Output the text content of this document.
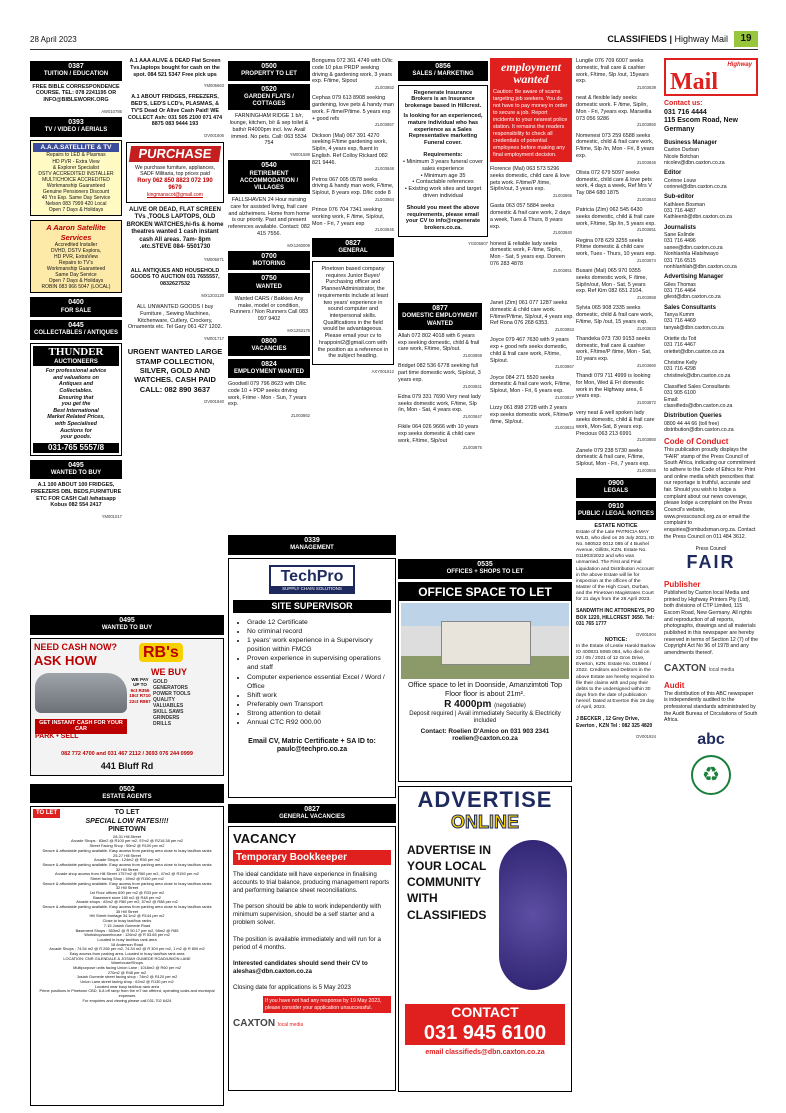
28 April 2023	CLASSIFIEDS | Highway Mail	19
0387
TUITION / EDUCATION
FREE BIBLE CORRESPONDENCE COURSE. TEL: 078 2241195 OR INFO@BIBLEWORK.ORG
AW010785
0393
TV / VIDEO / AERIALS
A.A.A.SATELLITE & TV
Repairs to LED & Plasmas
HD PVR - Extra View
& Explorer Specialist
DSTV ACCREDITED INSTALLER
MULTICHOICE ACCREDITED
Workmanship Guaranteed
Genuine Pensioners Discount
40 Yrs Exp. Same Day Service
Nelson 083 7999 420 Local
Open 7 Days & Holidays
A Aaron Satellite Services
Accredited Installer
DVHD, DSTV Explora,
HD PVR, ExtraView
Repairs to TV's
Workmanship Guaranteed
Same Day Service
Open 7 Days & Holidays
ROBIN 083 966 5047 (LOCAL)
0400
FOR SALE
0445
COLLECTABLES / ANTIQUES
THUNDER
AUCTIONEERS
For professional advice
and valuations on
Antiques and
Collectables.
Ensuring that
you get the
Best International
Market Related Prices,
with Specialised
Auctions for
your goods.
031-765 5557/8
0495
WANTED TO BUY
A.1 100 ABOUT 100 FRIDGES, FREEZERS DBL BEDS,FURNITURE ETC FOR CASH Call /whatsapp Kobus 082 554 2417
YM001017
A.1 AAA ALIVE & DEAD Flat Screen Tvs,laptops bought for cash on the spot. 084 521 5347 Free pick ups
YM005663
A.1 ABOUT FRIDGES, FREEZERS, BED'S, LED'S LCD's, PLASMAS, & TV'S Dead Or Alive Cash Paid! WE COLLECT Ash: 031 505 2100 071 474 8875 083 9444 193
DV001606
PURCHASE
We purchase furniture, appliances, SADF Militaria, top prices paid
Rory 062 850 8823 072 190 9679
kingmanscot@gmail.com
ALIVE OR DEAD, FLAT SCREEN TVs ,TOOLS LAPTOPS, OLD BROKEN WATCHES,hi-fis & home theatres wanted 1 cash instant cash All areas. 7am- 8pm .etc.STEVE 084- 5501730
YM005671
ALL ANTIQUES AND HOUSEHOLD GOODS TO AUCTION 031 7655557, 0832627532
MX1203120
ALL UNWANTED GOODS I buy Furniture , Sewing Machines, Kitchenware, Cutlery, Crockery, Ornaments etc. Tel Gary 061 427 1202.
YM001717
URGENT WANTED LARGE STAMP COLLECTION, SILVER, GOLD AND WATCHES. CASH PAID CALL: 082 890 3637
DV001940
0500
PROPERTY TO LET
0520
GARDEN FLATS / COTTAGES
FARNINGHAM RIDGE 1 b/r, lounge, kitchen, b/r & sep toilet & bath/r R4000pm incl. lvw. Avail immed. No pets. Call: 063 5534 754
YM001589
0540
RETIREMENT ACCOMMODATION / VILLAGES
FALLSHAVEN 24 Hour nursing care for assisted living, frail care and alzheimers. Home from home is our priority. Past and present references available. Contact: 082 415 7556.
MX1260009
0700
MOTORING
0750
WANTED
Wanted CARS / Bakkies Any make, model or condition, Runners / Non Runners Call 083 097 9402
MX1253175
0800
VACANCIES
0824
EMPLOYMENT WANTED
Goodwill 079 796 8623 with D/lic code 10 + PDP seeks driving work, Frime - Mon - Sun, 7 years exp.
ZL003862
Bonguma 072 361 4749 with D/lic code 10 plus PRDP seeking driving & gardening work, 3 years exp. F/time, Sipout
ZL003852
Cephas 079 613 8908 seeking gardening, love pets & handy man work. F /time/P/time. 5 years exp + good refs
ZL003857
Dickson (Mal) 067 391 4270 seeking F/time gardening work, Sip/in, 4 years exp, fluent in English. Ref Colloy Rickard 082 821 9446.
ZL003848
Petros 067 005 0578 seeks driving & handy man work, F/time, Sip/out, 8 years exp. D/lic code 8
ZL003864
Prince 076 704 7341 seeking working work, F /time, Sip/out, Mon - Fri, 7 years exp
ZL003845
0827
GENERAL
Pinetown based company requires Junior Buyer/ Purchasing officer and Planner/Administrator, the requirements include at least two years' experience in sound computer and interpersonal skills. Qualifications in the field would be advantageous. Please email your cv to hrappoint2@gmail.com with the position as a reference in the subject heading.
AXY001812
0856
SALES / MARKETING
Regenerate Insurance Brokers is an Insurance brokerage based in Hillcrest.
Is looking for an experienced, mature individual who has experience as a Sales Representative marketing Funeral cover.
Requirements:
• Minimum 3 years funeral cover sales experience
• Minimum age 35
• Contactable references
• Existing work sites and target driven individual
Should you meet the above requirements, please email your CV to info@regenerate brokers.co.za.
YG005807
employment wanted
Caution: Be aware of scams targeting job seekers. You do not have to pay money in order to secure a job. Report incidents to your nearest police station. It remains the readers responsibility to check all credentials of potential employees before making any final employment decision.
Florence (Mal) 063 573 5296 seeks domestic, child care & love pets work. F/time/P /time, Sip/in/out, 3 years exp.
ZL003865
Gasta 063 057 5884 seeks domestic & frail care work, 2 days a week, Tues & Thurs, 8 years exp.
ZL003840
honest & reliable lady seeks domestic work, F /time, Sip/in, Mon - Sat, 5 years exp. Doreen 076 283 4878
ZL003851
Lungile 076 709 6007 seeks domestic, frail care & cashier work, F/time, Slp /out, 15years exp.
ZL003639
neat & flexible lady seeks domestic work. F /time, Sip/in, Mon - Fri, 7years exp. Marseilia 073 056 9286
ZL003850
Nomenesi 073 259 6588 seeks domestic, child & frail care work, F/time, Slp /in, Mon - Fri, 8 years exp.
ZL003846
Olivia 072 679 5097 seeks domestic, child care & love pets work, 4 days a week, Ref Mrs V Tay 084 680 1875
ZL003843
Patricia (Zim) 062 545 6430 seeks domestic, child & frail care work, F/time, Slp /in, 5 years exp.
ZL003851
Regina 078 629 3255 seeks P/time domestic & child care work, Tues - Thurs, 10 years exp.
ZL003874
Busani (Mal) 065 970 9355 seeks domestic work, F /time, Sip/in/out, Mon - Sat, 5 years exp. Ref Kim 082 651 2104.
ZL003858
Sylvia 065 908 2335 seeks domestic, child & frail care work, F/time, Slp /out, 15 years exp.
ZL003833
Thandeka 073 730 9153 seeks domestic, frail care & cashier work, F/time/P /time, Mon - Sat, 10 years exp.
ZL003860
Thandi 079 711 4999 is looking for Mon, Wed & Fri domestic work in the Highway area, 6 years exp.
ZL003872
very neat & well spoken lady seeks domestic, child & frail care work, Mon-Sat, 8 years exp. Precious 063 213 6991
ZL003850
Zanele 079 238 5730 seeks domestic & frail care, F/time, Slp/out, Mon - Fri, 7 years exp.
ZL003855
0900
LEGALS
0910
PUBLIC / LEGAL NOTICES
ESTATE NOTICE
Estate of the Late PATRICIA MAY WILD, who died on 26 July 2021, ID No. 580522 0012 085 of 4 Bushel Avenue, Gillitts, KZN. Estate No. 011903/2022 and who was unmarried. The First and Final Liquidation and Distribution Account in the above Estate will lie for inspection at the offices of the Master of the High Court, Durban, and the Pinetown Magistrates Court for 21 days from the 28 April 2023.
SANDWITH INC ATTORNEYS, PO BOX 1220, HILLCREST 3650. Tel: 031 765 1777
DV001904
NOTICE:
In the Estate of Lestie Harold Barlow ID 400831 5065 084, who died on 23 / 05 / 2021 of 12 Gron Drive, Everton, KZN. Estate No. 019864 / 2022. Creditors and Debtors in the above Estate are hereby required to file their claims with and pay their debts to the undersigned within 30 days from the date of publication hereof. Dated at Everton this 19 day of April, 2023.
J BECKER , 12 Grey Drive, Everton , KZN Tel : 082 325 4820
DV001924
Highway
Mail
Contact us:
031 716 4444
115 Escom Road, New Germany
Business Manager
Caxton Durban
Nicole Botchan
nicolev@dbn.caxton.co.za
Editor
Corinne Louw
corinnel@dbn.caxton.co.za
Sub-editor
Kathleen Bosman
031 716 4487
Kathleenb@dbn.caxton.co.za
Journalists
Sane Eslinde
031 716 4496
sanee@dbn.caxton.co.za
Nonhlanhla Hlatshwayo
031 716 6515
nonhlanhlah@dbn.caxton.co.za
Advertising Manager
Giles Thomas
031 716 4464
gilest@dbn.caxton.co.za
Sales Consultants
Tanya Kumm
031 716 4469
tanyak@dbn.caxton.co.za
Oriette du Toit
031 716 4467
oriettet@dbn.caxton.co.za
Christine Kelly
031 716 4298
christinek@dbn.caxton.co.za
Classified Sales Consultants
031 905 6100
Email:
classifieds@dbn.caxton.co.za
Distribution Queries
0800 44 44 66 (toll free)
distribution@dbn.caxton.co.za
Code of Conduct
This publication proudly displays the "FAIR" stamp of the Press Council of South Africa, indicating our commitment to adhere to the Code of Ethics for Print and online media which prescribes that our reportage is truthful, accurate and fair. Should you wish to lodge a complaint about our news coverage, please lodge a complaint on the Press Council's website, www.presscouncil.org.za or email the complaint to enquiries@ombudsman.org.za. Contact the Press Council on 011 484 3612.
Press Council
FAIR
Publisher
Published by Caxton local Media and printed by Highway Printers Pty (Ltd), both divisions of CTP Limited, 115 Escom Road, New Germany. All rights and reproduction of all reports, photographs, drawings and all materials published in this newspaper are hereby reserved in terms of Section 12 (7) of the Copyright Act No 96 of 1978 and any amendments thereof.
CAXTON local media
Audit
The distribution of this ABC newspaper is independently audited to the professional standards administrated by the Audit Bureau of Circulations of South Africa.
abc
♻
0495
WANTED TO BUY
NEED CASH NOW?
ASK HOW	RB's
WE BUY
GOLD
GENERATORS
POWER TOOLS
QUALITY
VALUABLES
SKILL SAWS
GRINDERS
DRILLS
WE PAY UP TO
9ct R355
18ct R710
22ct R867
GET INSTANT CASH FOR YOUR CAR
PARK • SELL
082 772 4700 and 031 467 2112 / 3693 076 244 0999
441 Bluff Rd
0502
ESTATE AGENTS
TO LET	TO LET
SPECIAL LOW RATES!!!!
PINETOWN
28-31 Hill Street
Arcade Shops : 83m2 @ R100 per m2, 97m2 @ R216.38 per m2
Street Facing Shop : 90m2 @ R100 per m2
Secure & affordable parking available. Easy access from parking area close to busy taxi/bus ranks
25-27 Hill Street
Arcade Shops : 124m2 @ R50 per m2
Secure & affordable parking available. Easy access from parking area close to busy taxi/bus ranks
32 Hill Street
Arcade shop access from Hill Street 1757m2 @ R60 per m2, 47m2 @ R150 per m2
Street facing Shop : 49m2 @ R150 per m2
Secure & affordable parking available. Easy access from parking area close to busy taxi/bus ranks
32 Hill Street
1st Floor offices 690 per m2 @ R33 per m2
Basement store 180 m2 @ R48 per m2
Arcade shops : 83m2 @ R80 per m2, 57m2 @ R88 per m2
Secure & affordable parking available. Easy access from parking area close to busy taxi/bus ranks
35 Hill Street
Hill Street frontage 34.1m2 @ R144 per m2
Close to busy taxi/bus ranks
7-15 Josiah Gumede Road
Basement Shops : 553m2 @ R 50.17 per m2, 98m2 @ R85
Workshop/warehouse : 126m2 @ R 53.65 per m2
Located in busy taxi/bus rank area
18 Anderson Road
Arcade Shops : 74.54 m2 @ R 265 per m2, 74.34 m2 @ R 304 per m2, 1 m2 @ R 800 m2
Easy access from parking area. Located in busy taxi/bus rank area
LOCATION: CNR GILENDALE & JOSIAH GUMEDE ROAD/UNION LANE
Warehouse/Shops
Multipurpose units facing Union Lane : 1016m2 @ R60 per m2
270m2 @ R48 per m2
Josiah Gumede street facing shop : 74m2 @ R120 per m2
Union Lane street facing shop : 62m2 @ R130 per m2
Located near busy taxi/bus rank area
Prime positions in Pinetown CBD, 6-8 off ramp from the m7 tax offered, operating costs and municipal expenses
For enquiries and viewing please call 031-702 6424
0339
MANAGEMENT
TechPro
SUPPLY CHAIN SOLUTIONS
SITE SUPERVISOR
• Grade 12 Certificate
• No criminal record
• 1 years' work experience in a Supervisory position within FMCG
• Proven experience in supervising operations and staff
• Computer experience essential Excel / Word / Office
• Shift work
• Preferably own Transport
• Strong attention to detail
• Annual CTC R92 000.00
Email CV, Matric Certificate + SA ID to: paulc@techpro.co.za
0827
GENERAL VACANCIES
VACANCY
Temporary Bookkeeper

The ideal candidate will have experience in finalising accounts to trial balance, producing management reports and performing balance sheet reconciliations.

The person should be able to work independently with minimum supervision, should be a self starter and a problem solver.

The position is available immediately and will run for a period of 4 months.

Interested candidates should send their CV to aleshas@dbn.caxton.co.za

Closing date for applications is 5 May 2023

If you have not had any response by 19 May 2023, please consider your application unsuccessful.
CAXTON local media
0877
DOMESTIC EMPLOYMENT WANTED
Allah 072 802 4018 with 6 years exp seeking domestic, child & frail care work, F/time, Slp/out.
ZL003859
Bridget 082 536 6778 seeking full part time domestic work, Sip/out, 3 years exp.
ZL003841
Edna 079 331 7690 Very neat lady seeks domestic work, F/time, Slp /in, Mon - Sat, 4 years exp.
ZL003847
Fikile 064 026 9666 with 10 years exp seeks domestic & child care work, F/time, Slp/out
ZL003875
Janet (Zim) 061 077 1287 seeks domestic & child care work. F/time/P/time, Slp/out, 4 years exp. Ref Rona 076 268 6353.
ZL003853
Joyce 079 467 7630 with 9 years exp + good refs seeks domestic, child & frail care work, F/time, Slp/out.
ZL003867
Joyce 084 271 5520 seeks domestic & frail care work, F/time, Slp/out, Mon - Fri, 6 years exp.
ZL003827
Lizzy 061 898 2728 with 2 years exp seeks domestic work, F/time/P /time, Slp/out.
ZL003824
0535
OFFICES + SHOPS TO LET
OFFICE SPACE TO LET
Office space to let in Doonside, Amanzimtoti Top Floor floor is about 21m².
R 4000pm (negotiable)
Deposit required | Avail immediately Security & Electricity included
Contact: Roelien D'Amico on 031 903 2341 roelien@caxton.co.za
ADVERTISE
ONLINE
ADVERTISE IN
YOUR LOCAL
COMMUNITY
WITH
CLASSIFIEDS
CONTACT
031 945 6100
email classifieds@dbn.caxton.co.za
